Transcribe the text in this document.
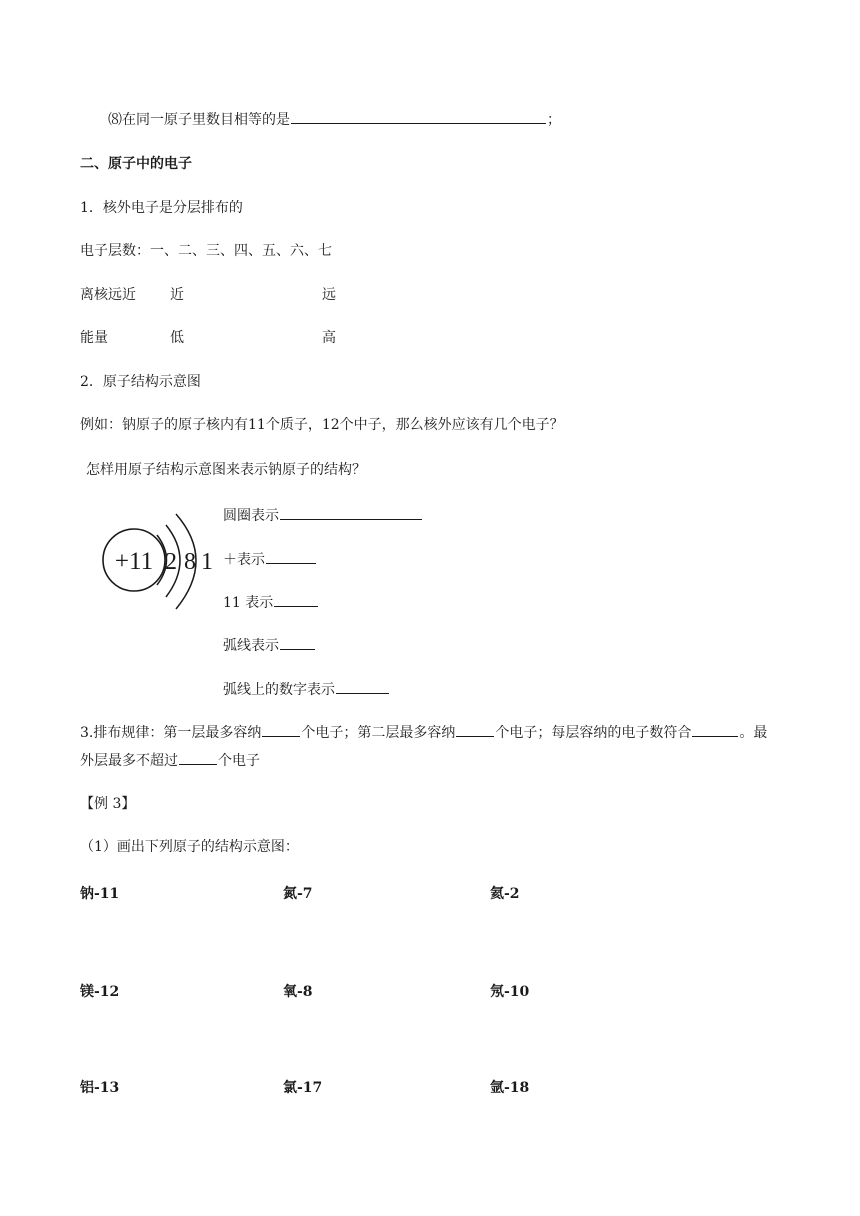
⑻在同一原子里数目相等的是	；
二、原子中的电子
1．核外电子是分层排布的
电子层数：一、二、三、四、五、六、七
离核远近 近	远
能量	低	高
2．原子结构示意图
例如：钠原子的原子核内有11个质子，12个中子，那么核外应该有几个电子？
怎样用原子结构示意图来表示钠原子的结构？
+11 2 8 1
圆圈表示
＋表示
11 表示
弧线表示
弧线上的数字表示
3.排布规律：第一层最多容纳	个电子；第二层最多容纳	个电子；每层容纳的电子数符合	。最
外层最多不超过	个电子
【例 3】
（1）画出下列原子的结构示意图：
钠-11	氮-7	氦-2
镁-12	氧-8	氖-10
铝-13	氯-17	氩-18
